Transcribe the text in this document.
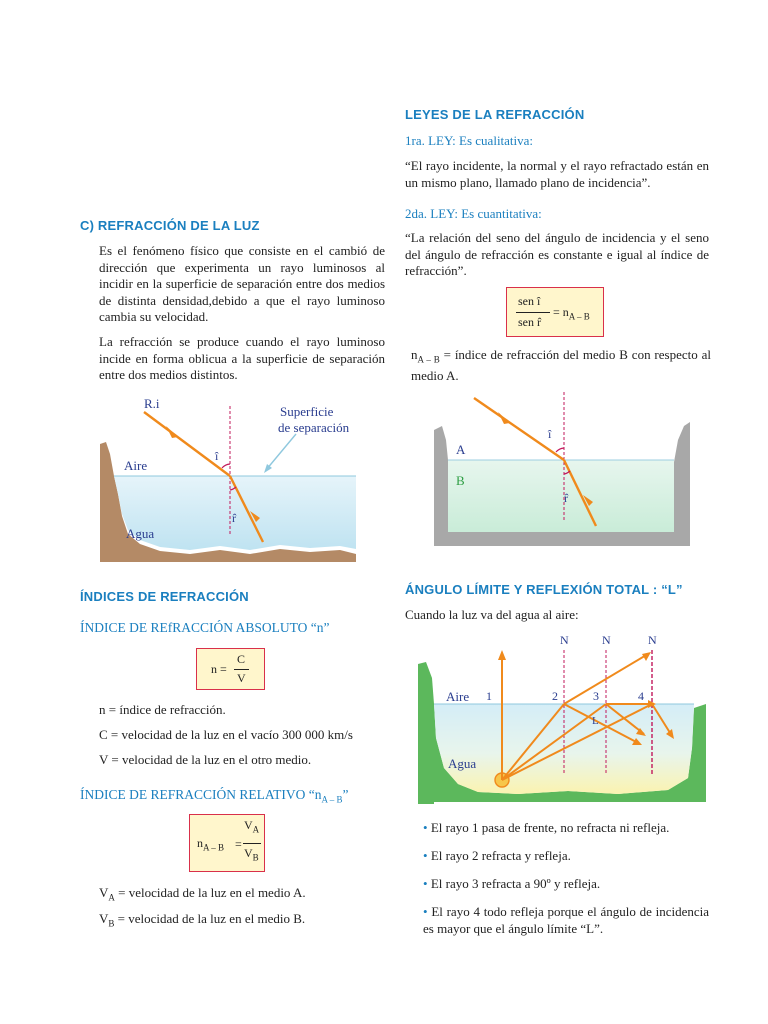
C) REFRACCIÓN DE LA LUZ
Es el fenómeno físico que consiste en el cambió de dirección que experimenta un rayo luminosos al incidir en la superficie de separación entre dos medios de distinta densidad,debido a que el rayo luminoso cambia su velocidad.
La refracción se produce cuando el rayo luminoso incide en forma oblicua a la superficie de separación entre dos medios distintos.
R.i
Superficie
de separación
Aire
Agua
î
r̂
ÍNDICES DE REFRACCIÓN
ÍNDICE DE REfRACCIÓN ABSOLUTO “n”
n =
C
V
n = índice de refracción.
C = velocidad de la luz en el vacío 300 000 km/s
V = velocidad de la luz en el otro medio.
ÍNDICE DE REFRACCIÓN RELATIVO “$n_{A - B}$”
$n_{A - B}$ =
$V_A$
$V_B$
$V_A$ = velocidad de la luz en el medio A.
$V_B$ = velocidad de la luz en el medio B.
LEYES DE LA REFRACCIÓN
1ra. LEY: Es cualitativa:
“El rayo incidente, la normal y el rayo refractado están en un mismo plano, llamado plano de incidencia”.
2da. LEY: Es cuantitativa:
“La relación del seno del ángulo de incidencia y el seno del ángulo de refracción es constante e igual al índice de refracción”.
sen î
sen r̂
= $n_{A - B}$
$n_{A - B}$ = índice de refracción del medio B con respecto al medio A.
A
B
î
r̂
ÁNGULO LÍMITE Y REFLEXIÓN TOTAL : “L”
Cuando la luz va del agua al aire:
N	N	N
1	2	3	4
Aire
Agua
L
• El rayo 1 pasa de frente, no refracta ni refleja.
• El rayo 2 refracta y refleja.
• El rayo 3 refracta a 90º y refleja.
• El rayo 4 todo refleja porque el ángulo de incidencia es mayor que el ángulo límite “L”.
